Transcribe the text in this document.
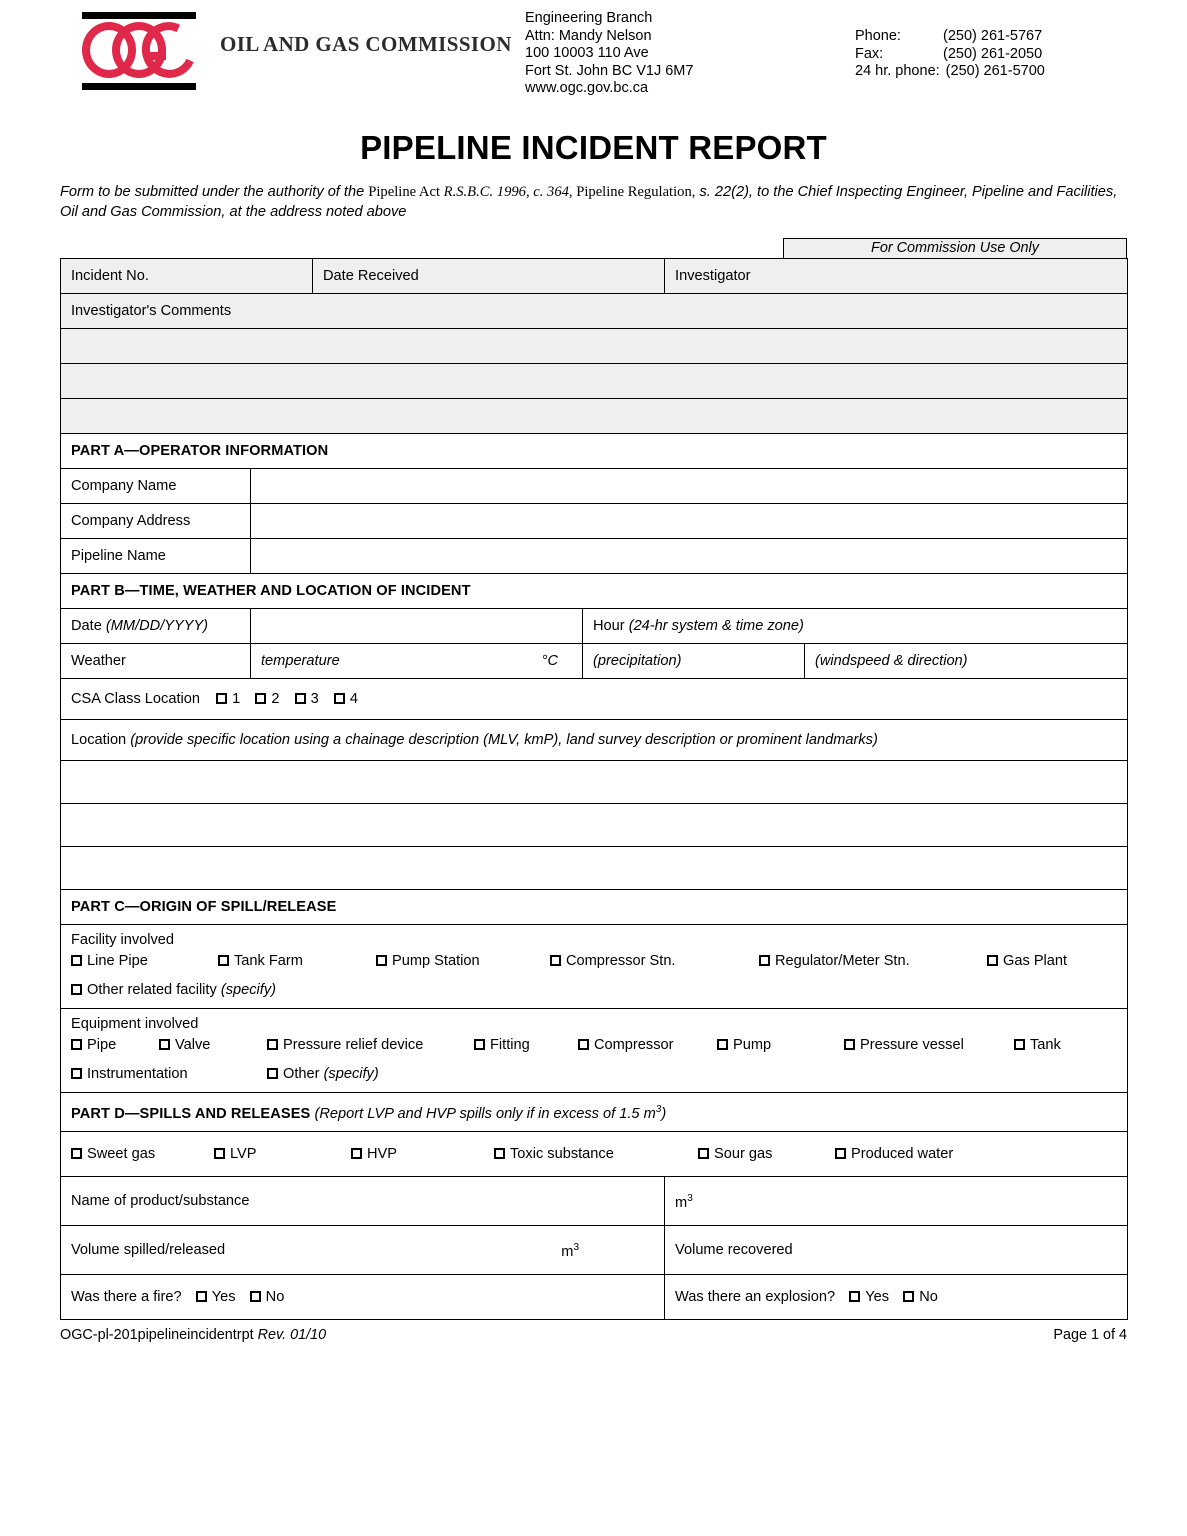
OIL AND GAS COMMISSION
Engineering Branch
Attn: Mandy Nelson
100 10003 110 Ave
Fort St. John BC V1J 6M7
www.ogc.gov.bc.ca
Phone:	(250) 261-5767
Fax:	(250) 261-2050
24 hr. phone: (250) 261-5700
PIPELINE INCIDENT REPORT
Form to be submitted under the authority of the Pipeline Act R.S.B.C. 1996, c. 364, Pipeline Regulation, s. 22(2), to the Chief Inspecting Engineer, Pipeline and Facilities, Oil and Gas Commission, at the address noted above
For Commission Use Only
Incident No.		Date Received		Investigator	

Investigator's Comments					

PART A—OPERATOR INFORMATION					

Company Name					

Company Address					

Pipeline Name					

PART B—TIME, WEATHER AND LOCATION OF INCIDENT					

Date (MM/DD/YYYY)			Hour (24-hr system & time zone)		

Weather	temperature °C		(precipitation)		(windspeed & direction)

CSA Class Location 1 2 3 4					

Location (provide specific location using a chainage description (MLV, kmP), land survey description or prominent landmarks)					

PART C—ORIGIN OF SPILL/RELEASE					

Facility involved
Line Pipe	Tank Farm	Pump Station	Compressor Stn.	Regulator/Meter Stn.	Gas Plant
Other related facility (specify)

Equipment involved
Pipe	Valve	Pressure relief device	Fitting	Compressor	Pump	Pressure vessel	Tank
Instrumentation	Other (specify)

PART D—SPILLS AND RELEASES (Report LVP and HVP spills only if in excess of 1.5 $m^3$)					

Sweet gas	LVP	HVP	Toxic substance	Sour gas	Produced water

Name of product/substance				$m^3$

Volume spilled/released $m^3$				Volume recovered	

Was there a fire? Yes No				Was there an explosion? Yes No	
OGC-pl-201pipelineincidentrpt Rev. 01/10	Page 1 of 4
